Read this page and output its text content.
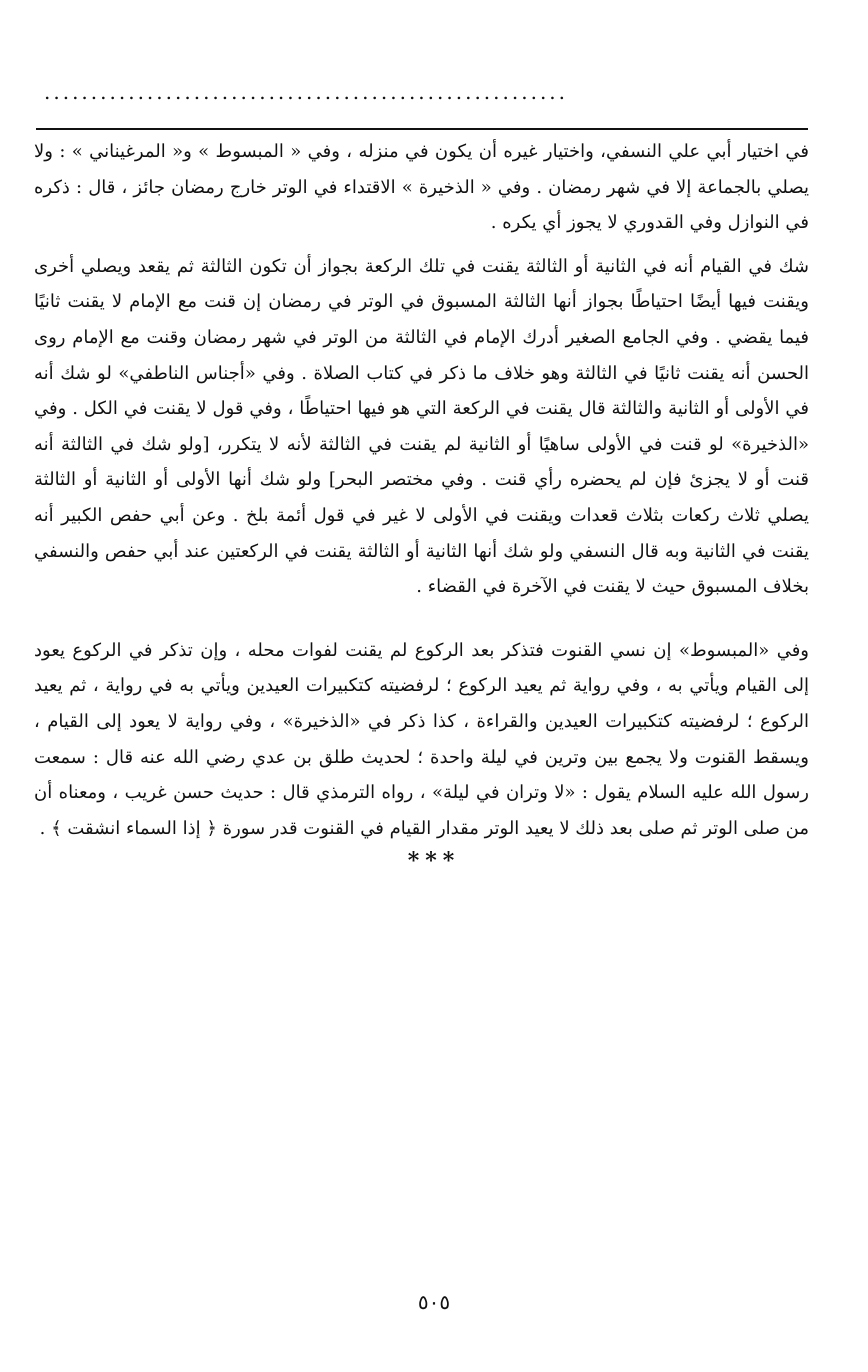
........................................................

في اختيار أبي علي النسفي، واختيار غيره أن يكون في منزله ، وفي « المبسوط » و« المرغيناني » : ولا يصلي بالجماعة إلا في شهر رمضان . وفي « الذخيرة » الاقتداء في الوتر خارج رمضان جائز ، قال : ذكره في النوازل وفي القدوري لا يجوز أي يكره .

شك في القيام أنه في الثانية أو الثالثة يقنت في تلك الركعة بجواز أن تكون الثالثة ثم يقعد ويصلي أخرى ويقنت فيها أيضًا احتياطًا بجواز أنها الثالثة المسبوق في الوتر في رمضان إن قنت مع الإمام لا يقنت ثانيًا فيما يقضي . وفي الجامع الصغير أدرك الإمام في الثالثة من الوتر في شهر رمضان وقنت مع الإمام روى الحسن أنه يقنت ثانيًا في الثالثة وهو خلاف ما ذكر في كتاب الصلاة . وفي «أجناس الناطفي» لو شك أنه في الأولى أو الثانية والثالثة قال يقنت في الركعة التي هو فيها احتياطًا ، وفي قول لا يقنت في الكل . وفي «الذخيرة» لو قنت في الأولى ساهيًا أو الثانية لم يقنت في الثالثة لأنه لا يتكرر، [ولو شك في الثالثة أنه قنت أو لا يجزئ فإن لم يحضره رأي قنت . وفي مختصر البحر] ولو شك أنها الأولى أو الثانية أو الثالثة يصلي ثلاث ركعات بثلاث قعدات ويقنت في الأولى لا غير في قول أئمة بلخ . وعن أبي حفص الكبير أنه يقنت في الثانية وبه قال النسفي ولو شك أنها الثانية أو الثالثة يقنت في الركعتين عند أبي حفص والنسفي بخلاف المسبوق حيث لا يقنت في الآخرة في القضاء .

وفي «المبسوط» إن نسي القنوت فتذكر بعد الركوع لم يقنت لفوات محله ، وإن تذكر في الركوع يعود إلى القيام ويأتي به ، وفي رواية ثم يعيد الركوع ؛ لرفضيته كتكبيرات العيدين ويأتي به في رواية ، ثم يعيد الركوع ؛ لرفضيته كتكبيرات العيدين والقراءة ، كذا ذكر في «الذخيرة» ، وفي رواية لا يعود إلى القيام ، ويسقط القنوت ولا يجمع بين وترين في ليلة واحدة ؛ لحديث طلق بن عدي رضي الله عنه قال : سمعت رسول الله عليه السلام يقول : «لا وتران في ليلة» ، رواه الترمذي قال : حديث حسن غريب ، ومعناه أن من صلى الوتر ثم صلى بعد ذلك لا يعيد الوتر مقدار القيام في القنوت قدر سورة ﴿ إذا السماء انشقت ﴾ .

***
٥٠٥
